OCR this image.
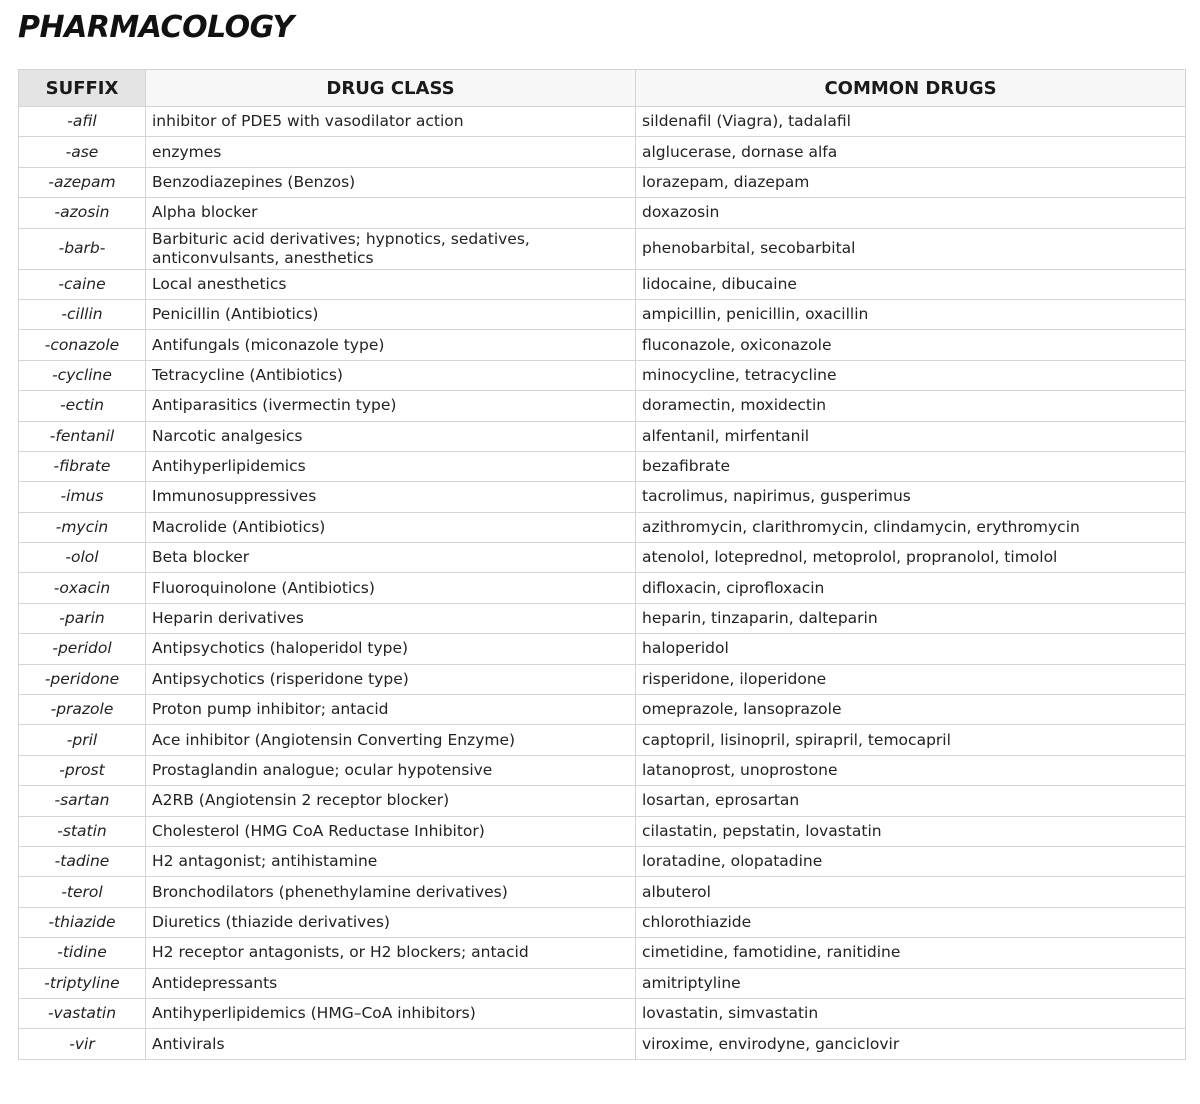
PHARMACOLOGY
SUFFIX	DRUG CLASS	COMMON DRUGS
-afil	inhibitor of PDE5 with vasodilator action	sildenafil (Viagra), tadalafil
-ase	enzymes	alglucerase, dornase alfa
-azepam	Benzodiazepines (Benzos)	lorazepam, diazepam
-azosin	Alpha blocker	doxazosin
-barb-	Barbituric acid derivatives; hypnotics, sedatives, anticonvulsants, anesthetics	phenobarbital, secobarbital
-caine	Local anesthetics	lidocaine, dibucaine
-cillin	Penicillin (Antibiotics)	ampicillin, penicillin, oxacillin
-conazole	Antifungals (miconazole type)	fluconazole, oxiconazole
-cycline	Tetracycline (Antibiotics)	minocycline, tetracycline
-ectin	Antiparasitics (ivermectin type)	doramectin, moxidectin
-fentanil	Narcotic analgesics	alfentanil, mirfentanil
-fibrate	Antihyperlipidemics	bezafibrate
-imus	Immunosuppressives	tacrolimus, napirimus, gusperimus
-mycin	Macrolide (Antibiotics)	azithromycin, clarithromycin, clindamycin, erythromycin
-olol	Beta blocker	atenolol, loteprednol, metoprolol, propranolol, timolol
-oxacin	Fluoroquinolone (Antibiotics)	difloxacin, ciprofloxacin
-parin	Heparin derivatives	heparin, tinzaparin, dalteparin
-peridol	Antipsychotics (haloperidol type)	haloperidol
-peridone	Antipsychotics (risperidone type)	risperidone, iloperidone
-prazole	Proton pump inhibitor; antacid	omeprazole, lansoprazole
-pril	Ace inhibitor (Angiotensin Converting Enzyme)	captopril, lisinopril, spirapril, temocapril
-prost	Prostaglandin analogue; ocular hypotensive	latanoprost, unoprostone
-sartan	A2RB (Angiotensin 2 receptor blocker)	losartan, eprosartan
-statin	Cholesterol (HMG CoA Reductase Inhibitor)	cilastatin, pepstatin, lovastatin
-tadine	H2 antagonist; antihistamine	loratadine, olopatadine
-terol	Bronchodilators (phenethylamine derivatives)	albuterol
-thiazide	Diuretics (thiazide derivatives)	chlorothiazide
-tidine	H2 receptor antagonists, or H2 blockers; antacid	cimetidine, famotidine, ranitidine
-triptyline	Antidepressants	amitriptyline
-vastatin	Antihyperlipidemics (HMG–CoA inhibitors)	lovastatin, simvastatin
-vir	Antivirals	viroxime, envirodyne, ganciclovir
